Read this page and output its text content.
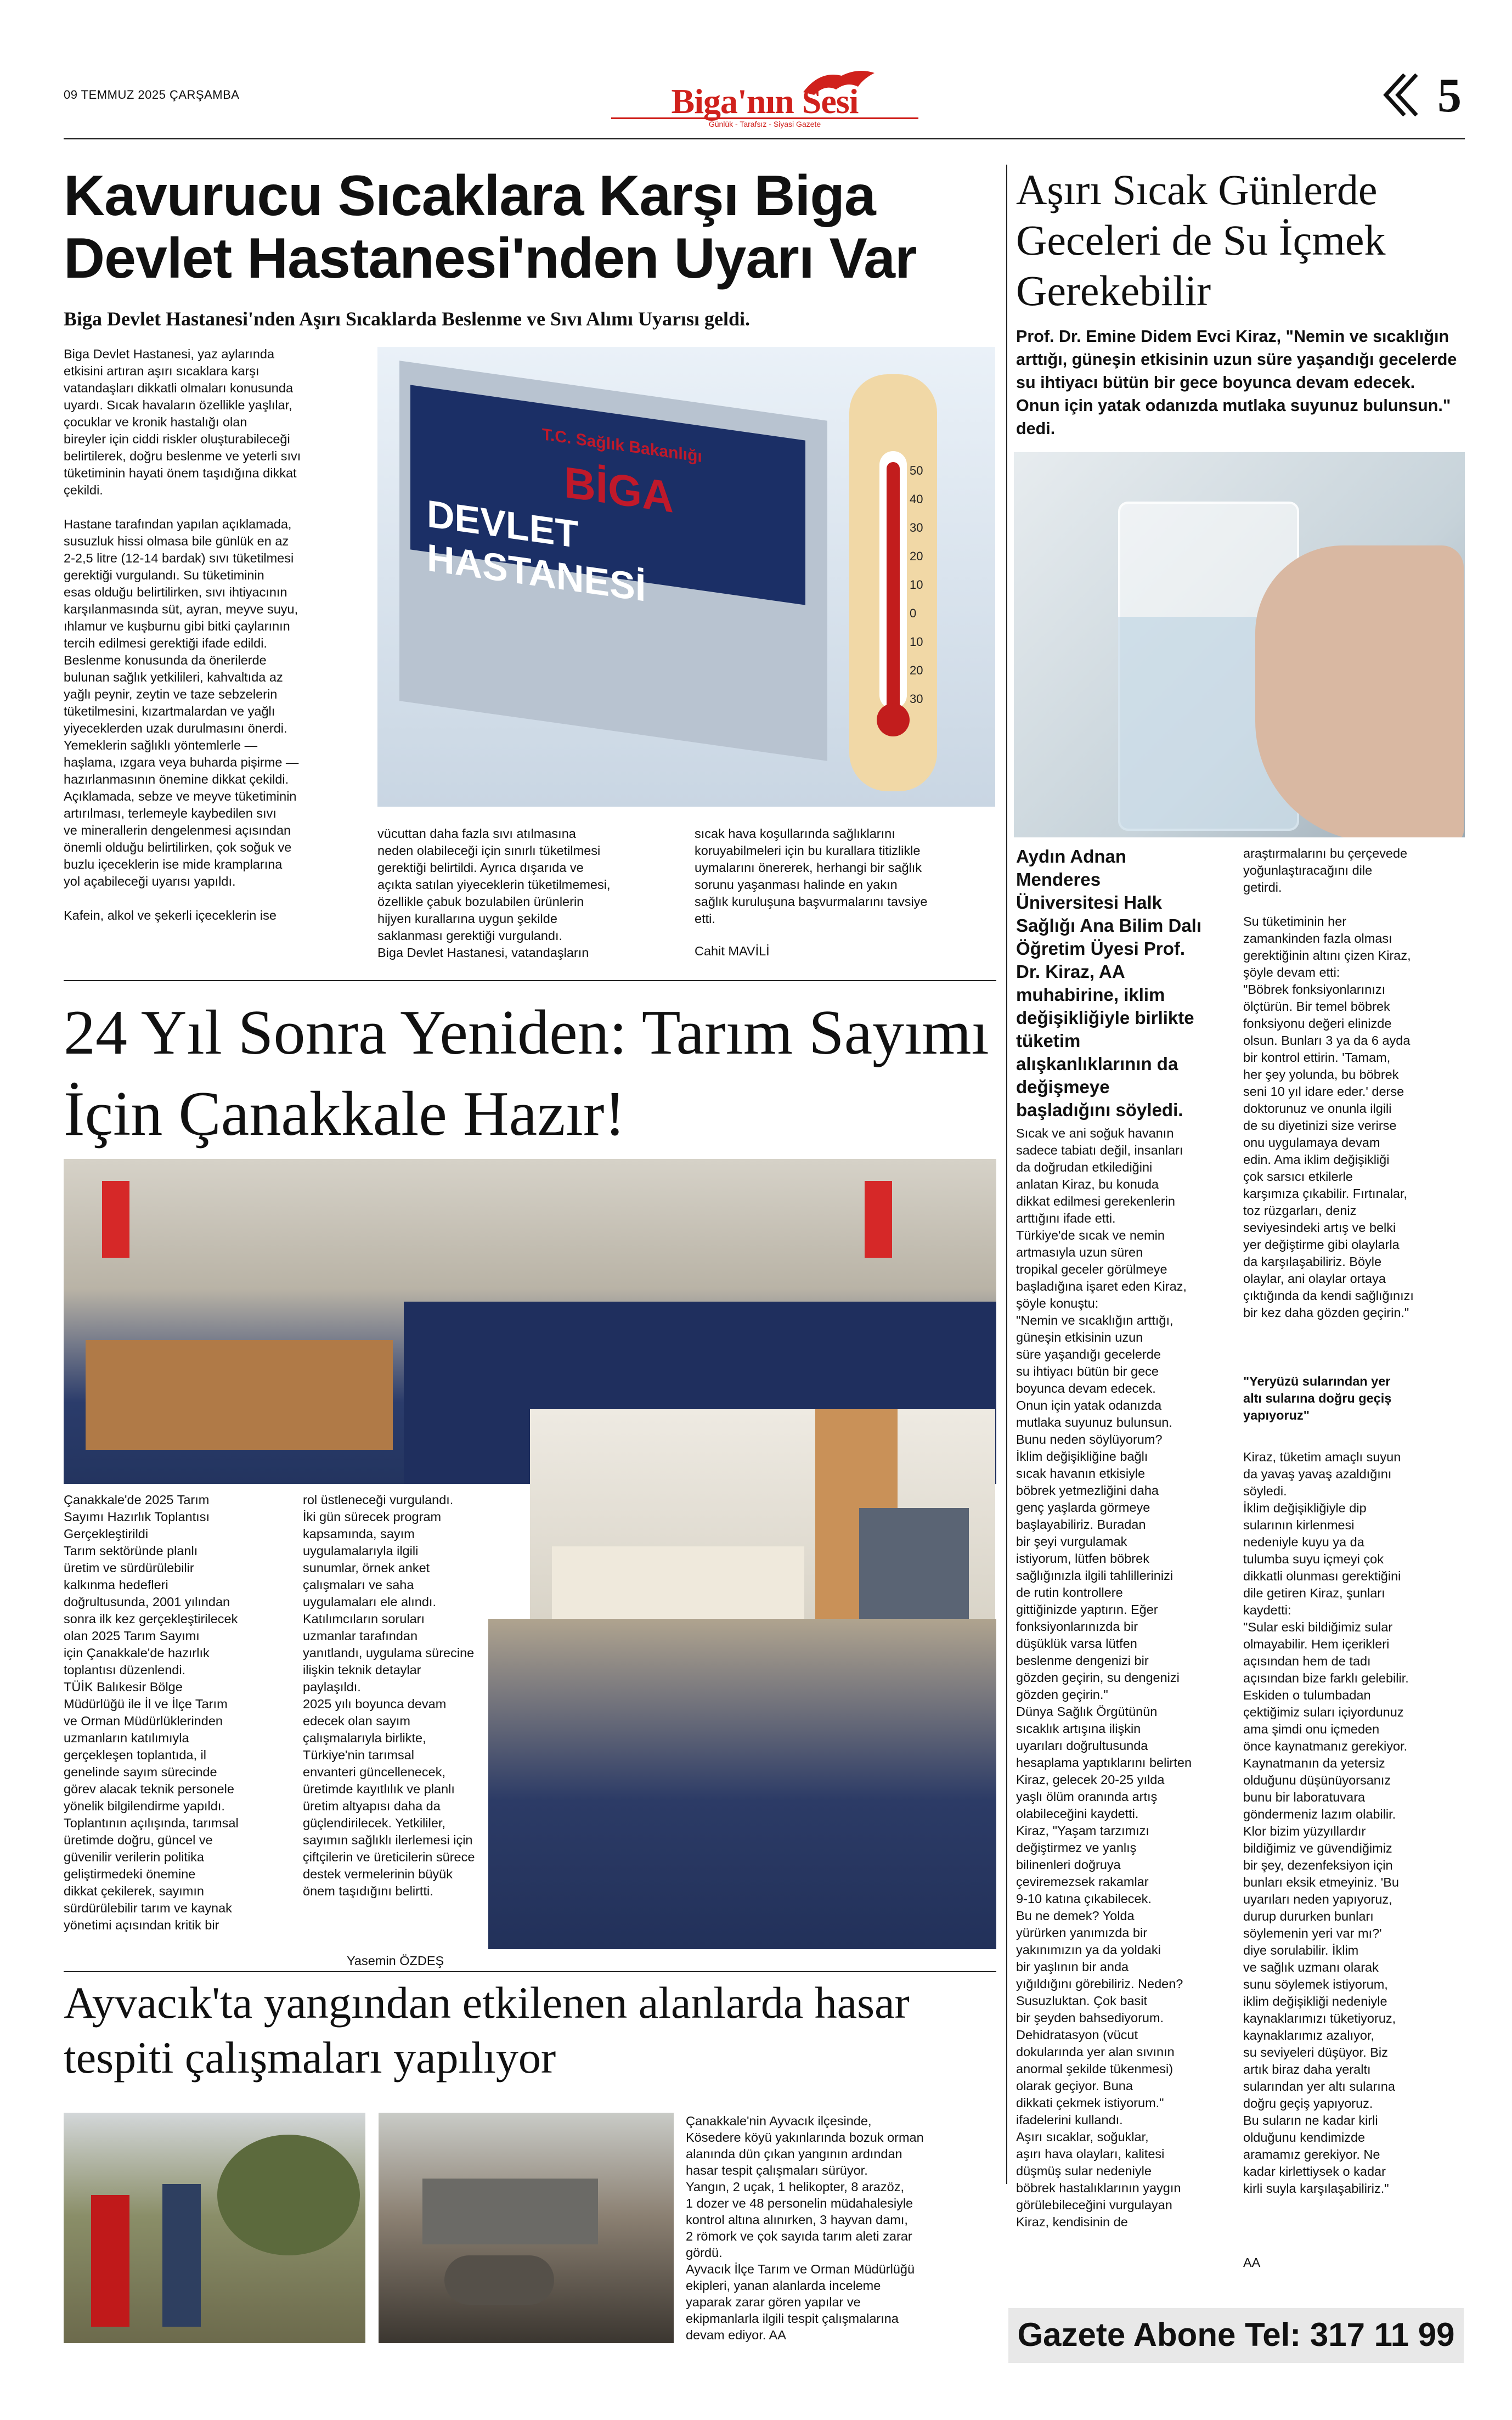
09 TEMMUZ 2025 ÇARŞAMBA	Biga'nın Sesi
Günlük - Tarafsız - Siyasi Gazete
5
Kavurucu Sıcaklara Karşı Biga Devlet Hastanesi'nden Uyarı Var
Biga Devlet Hastanesi'nden Aşırı Sıcaklarda Beslenme ve Sıvı Alımı Uyarısı geldi.
Biga Devlet Hastanesi, yaz aylarında
etkisini artıran aşırı sıcaklara karşı
vatandaşları dikkatli olmaları konusunda
uyardı. Sıcak havaların özellikle yaşlılar,
çocuklar ve kronik hastalığı olan
bireyler için ciddi riskler oluşturabileceği
belirtilerek, doğru beslenme ve yeterli sıvı
tüketiminin hayati önem taşıdığına dikkat
çekildi.

Hastane tarafından yapılan açıklamada,
susuzluk hissi olmasa bile günlük en az
2-2,5 litre (12-14 bardak) sıvı tüketilmesi
gerektiği vurgulandı. Su tüketiminin
esas olduğu belirtilirken, sıvı ihtiyacının
karşılanmasında süt, ayran, meyve suyu,
ıhlamur ve kuşburnu gibi bitki çaylarının
tercih edilmesi gerektiği ifade edildi.
Beslenme konusunda da önerilerde
bulunan sağlık yetkilileri, kahvaltıda az
yağlı peynir, zeytin ve taze sebzelerin
tüketilmesini, kızartmalardan ve yağlı
yiyeceklerden uzak durulmasını önerdi.
Yemeklerin sağlıklı yöntemlerle —
haşlama, ızgara veya buharda pişirme —
hazırlanmasının önemine dikkat çekildi.
Açıklamada, sebze ve meyve tüketiminin
artırılması, terlemeyle kaybedilen sıvı
ve minerallerin dengelenmesi açısından
önemli olduğu belirtilirken, çok soğuk ve
buzlu içeceklerin ise mide kramplarına
yol açabileceği uyarısı yapıldı.

Kafein, alkol ve şekerli içeceklerin ise
T.C. Sağlık Bakanlığı
BİGA
DEVLET HASTANESİ
50
40
30
20
10
0
10
20
30
vücuttan daha fazla sıvı atılmasına
neden olabileceği için sınırlı tüketilmesi
gerektiği belirtildi. Ayrıca dışarıda ve
açıkta satılan yiyeceklerin tüketilmemesi,
özellikle çabuk bozulabilen ürünlerin
hijyen kurallarına uygun şekilde
saklanması gerektiği vurgulandı.
Biga Devlet Hastanesi, vatandaşların
sıcak hava koşullarında sağlıklarını
koruyabilmeleri için bu kurallara titizlikle
uymalarını önererek, herhangi bir sağlık
sorunu yaşanması halinde en yakın
sağlık kuruluşuna başvurmalarını tavsiye
etti.
Cahit MAVİLİ
Aşırı Sıcak Günlerde Geceleri de Su İçmek Gerekebilir
Prof. Dr. Emine Didem Evci Kiraz, "Nemin ve sıcaklığın arttığı, güneşin etkisinin uzun süre yaşandığı gecelerde su ihtiyacı bütün bir gece boyunca devam edecek. Onun için yatak odanızda mutlaka suyunuz bulunsun." dedi.
Aydın Adnan Menderes Üniversitesi Halk Sağlığı Ana Bilim Dalı Öğretim Üyesi Prof. Dr. Kiraz, AA muhabirine, iklim değişikliğiyle birlikte tüketim alışkanlıklarının da değişmeye başladığını söyledi.
Sıcak ve ani soğuk havanın
sadece tabiatı değil, insanları
da doğrudan etkilediğini
anlatan Kiraz, bu konuda
dikkat edilmesi gerekenlerin
arttığını ifade etti.
Türkiye'de sıcak ve nemin
artmasıyla uzun süren
tropikal geceler görülmeye
başladığına işaret eden Kiraz,
şöyle konuştu:
"Nemin ve sıcaklığın arttığı,
güneşin etkisinin uzun
süre yaşandığı gecelerde
su ihtiyacı bütün bir gece
boyunca devam edecek.
Onun için yatak odanızda
mutlaka suyunuz bulunsun.
Bunu neden söylüyorum?
İklim değişikliğine bağlı
sıcak havanın etkisiyle
böbrek yetmezliğini daha
genç yaşlarda görmeye
başlayabiliriz. Buradan
bir şeyi vurgulamak
istiyorum, lütfen böbrek
sağlığınızla ilgili tahlillerinizi
de rutin kontrollere
gittiğinizde yaptırın. Eğer
fonksiyonlarınızda bir
düşüklük varsa lütfen
beslenme dengenizi bir
gözden geçirin, su dengenizi
gözden geçirin."
Dünya Sağlık Örgütünün
sıcaklık artışına ilişkin
uyarıları doğrultusunda
hesaplama yaptıklarını belirten
Kiraz, gelecek 20-25 yılda
yaşlı ölüm oranında artış
olabileceğini kaydetti.
Kiraz, "Yaşam tarzımızı
değiştirmez ve yanlış
bilinenleri doğruya
çeviremezsek rakamlar
9-10 katına çıkabilecek.
Bu ne demek? Yolda
yürürken yanımızda bir
yakınımızın ya da yoldaki
bir yaşlının bir anda
yığıldığını görebiliriz. Neden?
Susuzluktan. Çok basit
bir şeyden bahsediyorum.
Dehidratasyon (vücut
dokularında yer alan sıvının
anormal şekilde tükenmesi)
olarak geçiyor. Buna
dikkati çekmek istiyorum."
ifadelerini kullandı.
Aşırı sıcaklar, soğuklar,
aşırı hava olayları, kalitesi
düşmüş sular nedeniyle
böbrek hastalıklarının yaygın
görülebileceğini vurgulayan
Kiraz, kendisinin de
araştırmalarını bu çerçevede
yoğunlaştıracağını dile
getirdi.

Su tüketiminin her
zamankinden fazla olması
gerektiğinin altını çizen Kiraz,
şöyle devam etti:
"Böbrek fonksiyonlarınızı
ölçtürün. Bir temel böbrek
fonksiyonu değeri elinizde
olsun. Bunları 3 ya da 6 ayda
bir kontrol ettirin. 'Tamam,
her şey yolunda, bu böbrek
seni 10 yıl idare eder.' derse
doktorunuz ve onunla ilgili
de su diyetinizi size verirse
onu uygulamaya devam
edin. Ama iklim değişikliği
çok sarsıcı etkilerle
karşımıza çıkabilir. Fırtınalar,
toz rüzgarları, deniz
seviyesindeki artış ve belki
yer değiştirme gibi olaylarla
da karşılaşabiliriz. Böyle
olaylar, ani olaylar ortaya
çıktığında da kendi sağlığınızı
bir kez daha gözden geçirin."
"Yeryüzü sularından yer
altı sularına doğru geçiş
yapıyoruz"
Kiraz, tüketim amaçlı suyun
da yavaş yavaş azaldığını
söyledi.
İklim değişikliğiyle dip
sularının kirlenmesi
nedeniyle kuyu ya da
tulumba suyu içmeyi çok
dikkatli olunması gerektiğini
dile getiren Kiraz, şunları
kaydetti:
"Sular eski bildiğimiz sular
olmayabilir. Hem içerikleri
açısından hem de tadı
açısından bize farklı gelebilir.
Eskiden o tulumbadan
çektiğimiz suları içiyordunuz
ama şimdi onu içmeden
önce kaynatmanız gerekiyor.
Kaynatmanın da yetersiz
olduğunu düşünüyorsanız
bunu bir laboratuvara
göndermeniz lazım olabilir.
Klor bizim yüzyıllardır
bildiğimiz ve güvendiğimiz
bir şey, dezenfeksiyon için
bunları eksik etmeyiniz. 'Bu
uyarıları neden yapıyoruz,
durup dururken bunları
söylemenin yeri var mı?'
diye sorulabilir. İklim
ve sağlık uzmanı olarak
sunu söylemek istiyorum,
iklim değişikliği nedeniyle
kaynaklarımızı tüketiyoruz,
kaynaklarımız azalıyor,
su seviyeleri düşüyor. Biz
artık biraz daha yeraltı
sularından yer altı sularına
doğru geçiş yapıyoruz.
Bu suların ne kadar kirli
olduğunu kendimizde
aramamız gerekiyor. Ne
kadar kirlettiysek o kadar
kirli suyla karşılaşabiliriz."
AA
24 Yıl Sonra Yeniden: Tarım Sayımı İçin Çanakkale Hazır!
Çanakkale'de 2025 Tarım
Sayımı Hazırlık Toplantısı
Gerçekleştirildi
Tarım sektöründe planlı
üretim ve sürdürülebilir
kalkınma hedefleri
doğrultusunda, 2001 yılından
sonra ilk kez gerçekleştirilecek
olan 2025 Tarım Sayımı
için Çanakkale'de hazırlık
toplantısı düzenlendi.
TÜİK Balıkesir Bölge
Müdürlüğü ile İl ve İlçe Tarım
ve Orman Müdürlüklerinden
uzmanların katılımıyla
gerçekleşen toplantıda, il
genelinde sayım sürecinde
görev alacak teknik personele
yönelik bilgilendirme yapıldı.
Toplantının açılışında, tarımsal
üretimde doğru, güncel ve
güvenilir verilerin politika
geliştirmedeki önemine
dikkat çekilerek, sayımın
sürdürülebilir tarım ve kaynak
yönetimi açısından kritik bir
rol üstleneceği vurgulandı.
İki gün sürecek program
kapsamında, sayım
uygulamalarıyla ilgili
sunumlar, örnek anket
çalışmaları ve saha
uygulamaları ele alındı.
Katılımcıların soruları
uzmanlar tarafından
yanıtlandı, uygulama sürecine
ilişkin teknik detaylar
paylaşıldı.
2025 yılı boyunca devam
edecek olan sayım
çalışmalarıyla birlikte,
Türkiye'nin tarımsal
envanteri güncellenecek,
üretimde kayıtlılık ve planlı
üretim altyapısı daha da
güçlendirilecek. Yetkililer,
sayımın sağlıklı ilerlemesi için
çiftçilerin ve üreticilerin sürece
destek vermelerinin büyük
önem taşıdığını belirtti.
Yasemin ÖZDEŞ
Ayvacık'ta yangından etkilenen alanlarda hasar tespiti çalışmaları yapılıyor
Çanakkale'nin Ayvacık ilçesinde,
Kösedere köyü yakınlarında bozuk orman
alanında dün çıkan yangının ardından
hasar tespit çalışmaları sürüyor.
Yangın, 2 uçak, 1 helikopter, 8 arazöz,
1 dozer ve 48 personelin müdahalesiyle
kontrol altına alınırken, 3 hayvan damı,
2 römork ve çok sayıda tarım aleti zarar
gördü.
Ayvacık İlçe Tarım ve Orman Müdürlüğü
ekipleri, yanan alanlarda inceleme
yaparak zarar gören yapılar ve
ekipmanlarla ilgili tespit çalışmalarına
devam ediyor. AA	Gazete Abone Tel: 317 11 99
